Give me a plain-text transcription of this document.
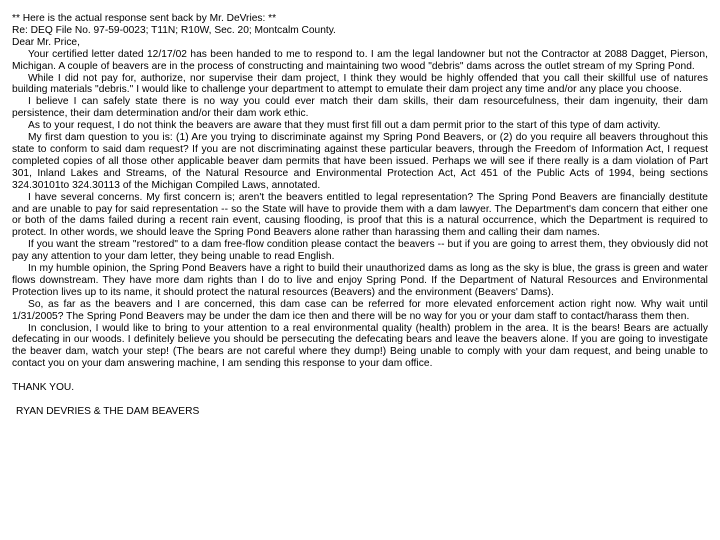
** Here is the actual response sent back by Mr. DeVries: **

Re: DEQ File No. 97-59-0023; T11N; R10W, Sec. 20; Montcalm County.

Dear Mr. Price,

Your certified letter dated 12/17/02 has been handed to me to respond to. I am the legal landowner but not the Contractor at 2088 Dagget, Pierson, Michigan. A couple of beavers are in the process of constructing and maintaining two wood "debris" dams across the outlet stream of my Spring Pond.

While I did not pay for, authorize, nor supervise their dam project, I think they would be highly offended that you call their skillful use of natures building materials "debris." I would like to challenge your department to attempt to emulate their dam project any time and/or any place you choose.

I believe I can safely state there is no way you could ever match their dam skills, their dam resourcefulness, their dam ingenuity, their dam persistence, their dam determination and/or their dam work ethic.

As to your request, I do not think the beavers are aware that they must first fill out a dam permit prior to the start of this type of dam activity.

My first dam question to you is: (1) Are you trying to discriminate against my Spring Pond Beavers, or (2) do you require all beavers throughout this state to conform to said dam request? If you are not discriminating against these particular beavers, through the Freedom of Information Act, I request completed copies of all those other applicable beaver dam permits that have been issued. Perhaps we will see if there really is a dam violation of Part 301, Inland Lakes and Streams, of the Natural Resource and Environmental Protection Act, Act 451 of the Public Acts of 1994, being sections 324.30101to 324.30113 of the Michigan Compiled Laws, annotated.

I have several concerns. My first concern is; aren't the beavers entitled to legal representation? The Spring Pond Beavers are financially destitute and are unable to pay for said representation -- so the State will have to provide them with a dam lawyer. The Department's dam concern that either one or both of the dams failed during a recent rain event, causing flooding, is proof that this is a natural occurrence, which the Department is required to protect. In other words, we should leave the Spring Pond Beavers alone rather than harassing them and calling their dam names.

If you want the stream "restored" to a dam free-flow condition please contact the beavers -- but if you are going to arrest them, they obviously did not pay any attention to your dam letter, they being unable to read English.

In my humble opinion, the Spring Pond Beavers have a right to build their unauthorized dams as long as the sky is blue, the grass is green and water flows downstream. They have more dam rights than I do to live and enjoy Spring Pond. If the Department of Natural Resources and Environmental Protection lives up to its name, it should protect the natural resources (Beavers) and the environment (Beavers' Dams).

So, as far as the beavers and I are concerned, this dam case can be referred for more elevated enforcement action right now. Why wait until 1/31/2005? The Spring Pond Beavers may be under the dam ice then and there will be no way for you or your dam staff to contact/harass them then.

In conclusion, I would like to bring to your attention to a real environmental quality (health) problem in the area. It is the bears! Bears are actually defecating in our woods. I definitely believe you should be persecuting the defecating bears and leave the beavers alone. If you are going to investigate the beaver dam, watch your step! (The bears are not careful where they dump!) Being unable to comply with your dam request, and being unable to contact you on your dam answering machine, I am sending this response to your dam office.

THANK YOU.

RYAN DEVRIES & THE DAM BEAVERS
